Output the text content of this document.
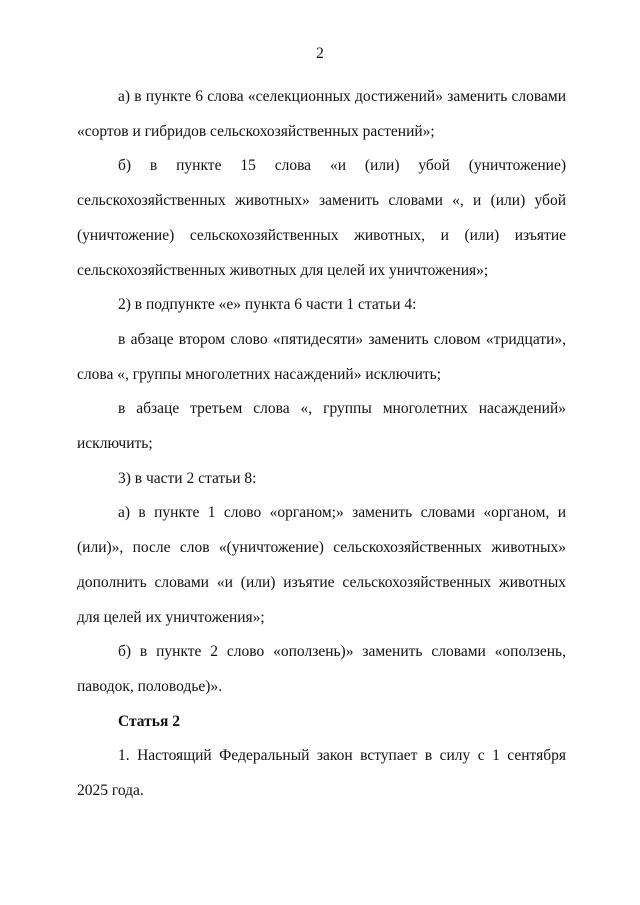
2

а) в пункте 6 слова «селекционных достижений» заменить словами «сортов и гибридов сельскохозяйственных растений»;

б) в пункте 15 слова «и (или) убой (уничтожение) сельскохозяйственных животных» заменить словами «, и (или) убой (уничтожение) сельскохозяйственных животных, и (или) изъятие сельскохозяйственных животных для целей их уничтожения»;

2) в подпункте «е» пункта 6 части 1 статьи 4:

в абзаце втором слово «пятидесяти» заменить словом «тридцати», слова «, группы многолетних насаждений» исключить;

в абзаце третьем слова «, группы многолетних насаждений» исключить;

3) в части 2 статьи 8:

а) в пункте 1 слово «органом;» заменить словами «органом, и (или)», после слов «(уничтожение) сельскохозяйственных животных» дополнить словами «и (или) изъятие сельскохозяйственных животных для целей их уничтожения»;

б) в пункте 2 слово «оползень)» заменить словами «оползень, паводок, половодье)».

Статья 2

1. Настоящий Федеральный закон вступает в силу с 1 сентября 2025 года.
